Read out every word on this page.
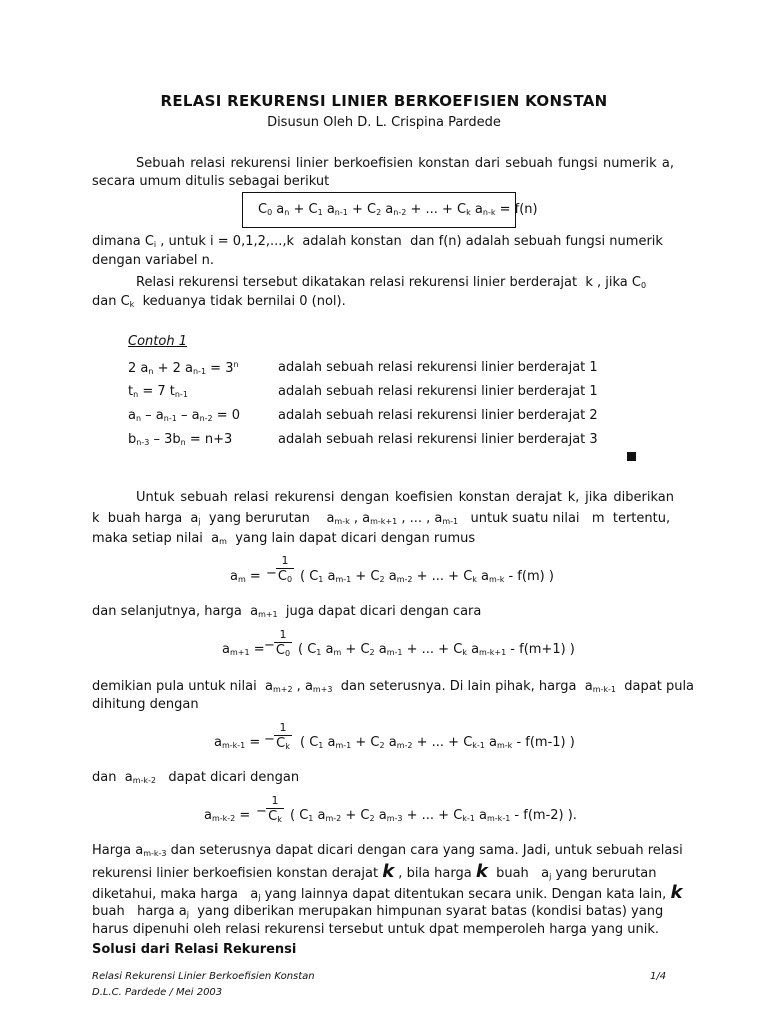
RELASI REKURENSI LINIER BERKOEFISIEN KONSTAN
Disusun Oleh D. L. Crispina Pardede
Sebuah relasi rekurensi linier berkoefisien konstan dari sebuah fungsi numerik a,
secara umum ditulis sebagai berikut
$C_0$ $a_n + C_1$ $a_{n-1} + C_2$ $a_{n-2}$ + ... + $C_k$ $a_{n-k} = f(n)$
dimana $C_i$ , untuk i = 0,1,2,...,k  adalah konstan  dan f(n) adalah sebuah fungsi numerik
dengan variabel n.
Relasi rekurensi tersebut dikatakan relasi rekurensi linier berderajat  k , jika $C_0$
dan $C_k$  keduanya tidak bernilai 0 (nol).
Contoh 1
2 $a_n + 2$ $a_{n-1} = 3^n$	adalah sebuah relasi rekurensi linier berderajat 1
$t_n = 7$ $t_{n-1}$	adalah sebuah relasi rekurensi linier berderajat 1
$a_n - a_{n-1} - a_{n-2} = 0$	adalah sebuah relasi rekurensi linier berderajat 2
$b_{n-3} - 3b_n = n+3$	adalah sebuah relasi rekurensi linier berderajat 3
Untuk sebuah relasi rekurensi dengan koefisien konstan derajat k, jika diberikan
k  buah harga  $a_j$  yang berurutan    $a_{m-k}$ , $a_{m-k+1}$ , ... , $a_{m-1}$   untuk suatu nilai   m  tertentu,
maka setiap nilai  $a_m$  yang lain dapat dicari dengan rumus
$a_m$ = −
1
$C_0$ ( $C_1$ $a_{m-1} + C_2$ $a_{m-2}$ + ... + $C_k$ $a_{m-k} - f(m)$ )
dan selanjutnya, harga  $a_{m+1}$  juga dapat dicari dengan cara
$a_{m+1}$ = −
1
$C_0$ ( $C_1$ $a_m + C_2$ $a_{m-1}$ + ... + $C_k$ $a_{m-k+1} - f(m+1)$ )
demikian pula untuk nilai  $a_{m+2}$ , $a_{m+3}$  dan seterusnya. Di lain pihak, harga  $a_{m-k-1}$  dapat pula
dihitung dengan
$a_{m-k-1}$ = −
1
$C_k$ ( $C_1$ $a_{m-1} + C_2$ $a_{m-2}$ + ... + $C_{k-1}$ $a_{m-k} - f(m-1)$ )
dan  $a_{m-k-2}$   dapat dicari dengan
$a_{m-k-2}$ = −
1
$C_k$ ( $C_1$ $a_{m-2} + C_2$ $a_{m-3}$ + ... + $C_{k-1}$ $a_{m-k-1} - f(m-2)$ ).
Harga $a_{m-k-3}$ dan seterusnya dapat dicari dengan cara yang sama. Jadi, untuk sebuah relasi
rekurensi linier berkoefisien konstan derajat k , bila harga k  buah   $a_j$ yang berurutan
diketahui, maka harga   $a_j$ yang lainnya dapat ditentukan secara unik. Dengan kata lain, k
buah   harga $a_j$  yang diberikan merupakan himpunan syarat batas (kondisi batas) yang
harus dipenuhi oleh relasi rekurensi tersebut untuk dpat memperoleh harga yang unik.
Solusi dari Relasi Rekurensi
Relasi Rekurensi Linier Berkoefisien Konstan
D.L.C. Pardede / Mei 2003
1/4
